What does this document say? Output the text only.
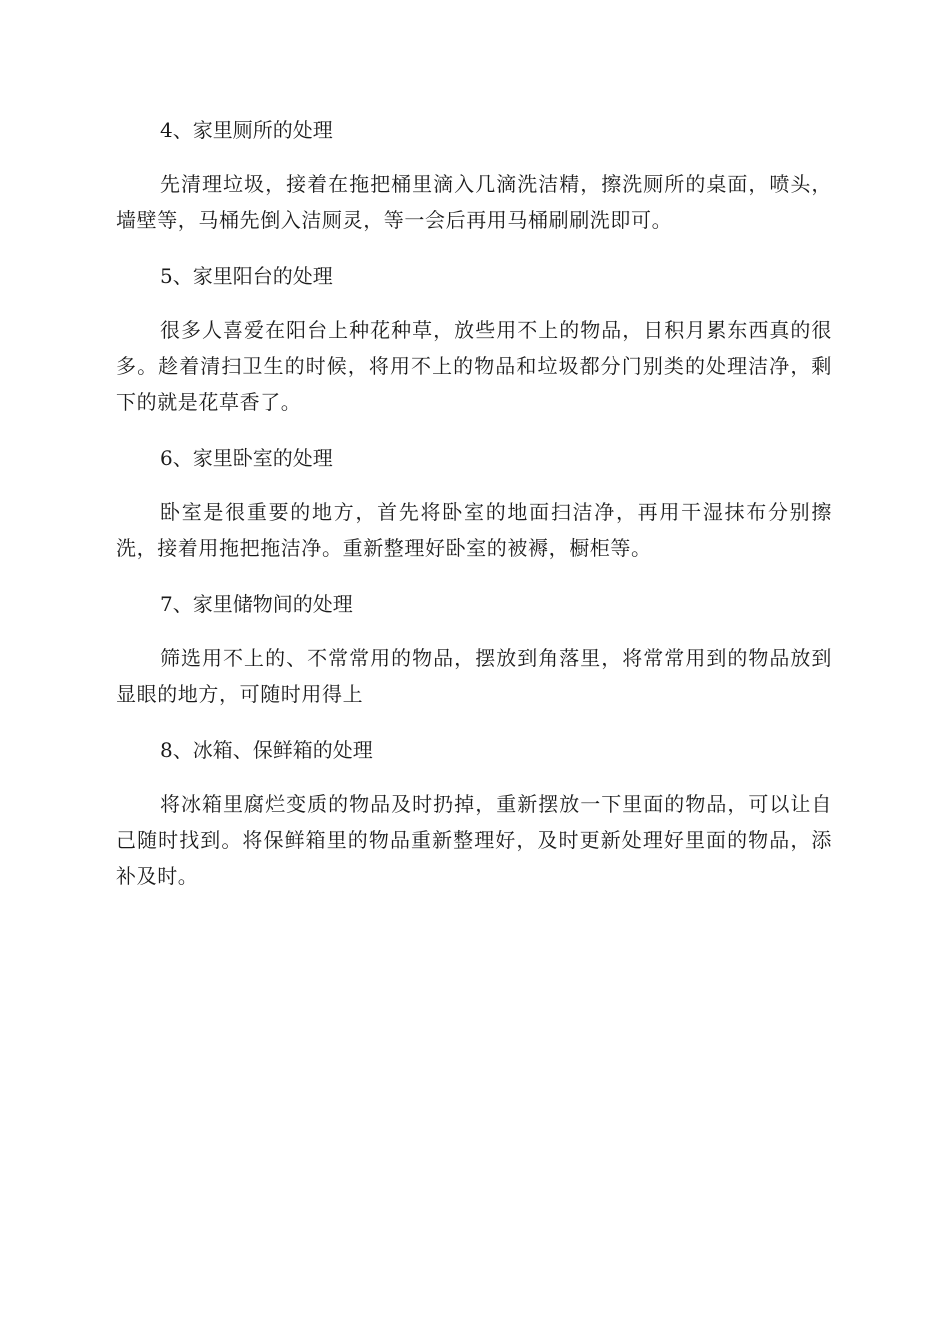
4、家里厕所的处理
先清理垃圾，接着在拖把桶里滴入几滴洗洁精，擦洗厕所的桌面，喷头，墙壁等，马桶先倒入洁厕灵，等一会后再用马桶刷刷洗即可。
5、家里阳台的处理
很多人喜爱在阳台上种花种草，放些用不上的物品，日积月累东西真的很多。趁着清扫卫生的时候，将用不上的物品和垃圾都分门别类的处理洁净，剩下的就是花草香了。
6、家里卧室的处理
卧室是很重要的地方，首先将卧室的地面扫洁净，再用干湿抹布分别擦洗，接着用拖把拖洁净。重新整理好卧室的被褥，橱柜等。
7、家里储物间的处理
筛选用不上的、不常常用的物品，摆放到角落里，将常常用到的物品放到显眼的地方，可随时用得上
8、冰箱、保鲜箱的处理
将冰箱里腐烂变质的物品及时扔掉，重新摆放一下里面的物品，可以让自己随时找到。将保鲜箱里的物品重新整理好，及时更新处理好里面的物品，添补及时。
